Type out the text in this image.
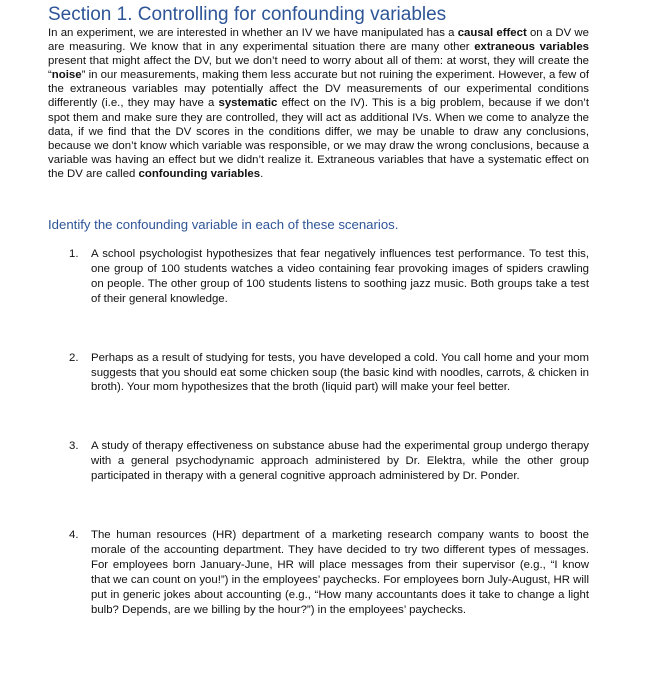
Section 1. Controlling for confounding variables

In an experiment, we are interested in whether an IV we have manipulated has a causal effect on a DV we are measuring. We know that in any experimental situation there are many other extraneous variables present that might affect the DV, but we don’t need to worry about all of them: at worst, they will create the “noise” in our measurements, making them less accurate but not ruining the experiment. However, a few of the extraneous variables may potentially affect the DV measurements of our experimental conditions differently (i.e., they may have a systematic effect on the IV). This is a big problem, because if we don’t spot them and make sure they are controlled, they will act as additional IVs. When we come to analyze the data, if we find that the DV scores in the conditions differ, we may be unable to draw any conclusions, because we don’t know which variable was responsible, or we may draw the wrong conclusions, because a variable was having an effect but we didn’t realize it. Extraneous variables that have a systematic effect on the DV are called confounding variables.

Identify the confounding variable in each of these scenarios.
1.	A school psychologist hypothesizes that fear negatively influences test performance. To test this, one group of 100 students watches a video containing fear provoking images of spiders crawling on people. The other group of 100 students listens to soothing jazz music. Both groups take a test of their general knowledge.
2.	Perhaps as a result of studying for tests, you have developed a cold. You call home and your mom suggests that you should eat some chicken soup (the basic kind with noodles, carrots, & chicken in broth). Your mom hypothesizes that the broth (liquid part) will make your feel better.
3.	A study of therapy effectiveness on substance abuse had the experimental group undergo therapy with a general psychodynamic approach administered by Dr. Elektra, while the other group participated in therapy with a general cognitive approach administered by Dr. Ponder.
4.	The human resources (HR) department of a marketing research company wants to boost the morale of the accounting department. They have decided to try two different types of messages. For employees born January-June, HR will place messages from their supervisor (e.g., “I know that we can count on you!”) in the employees’ paychecks. For employees born July-August, HR will put in generic jokes about accounting (e.g., “How many accountants does it take to change a light bulb? Depends, are we billing by the hour?”) in the employees’ paychecks.
